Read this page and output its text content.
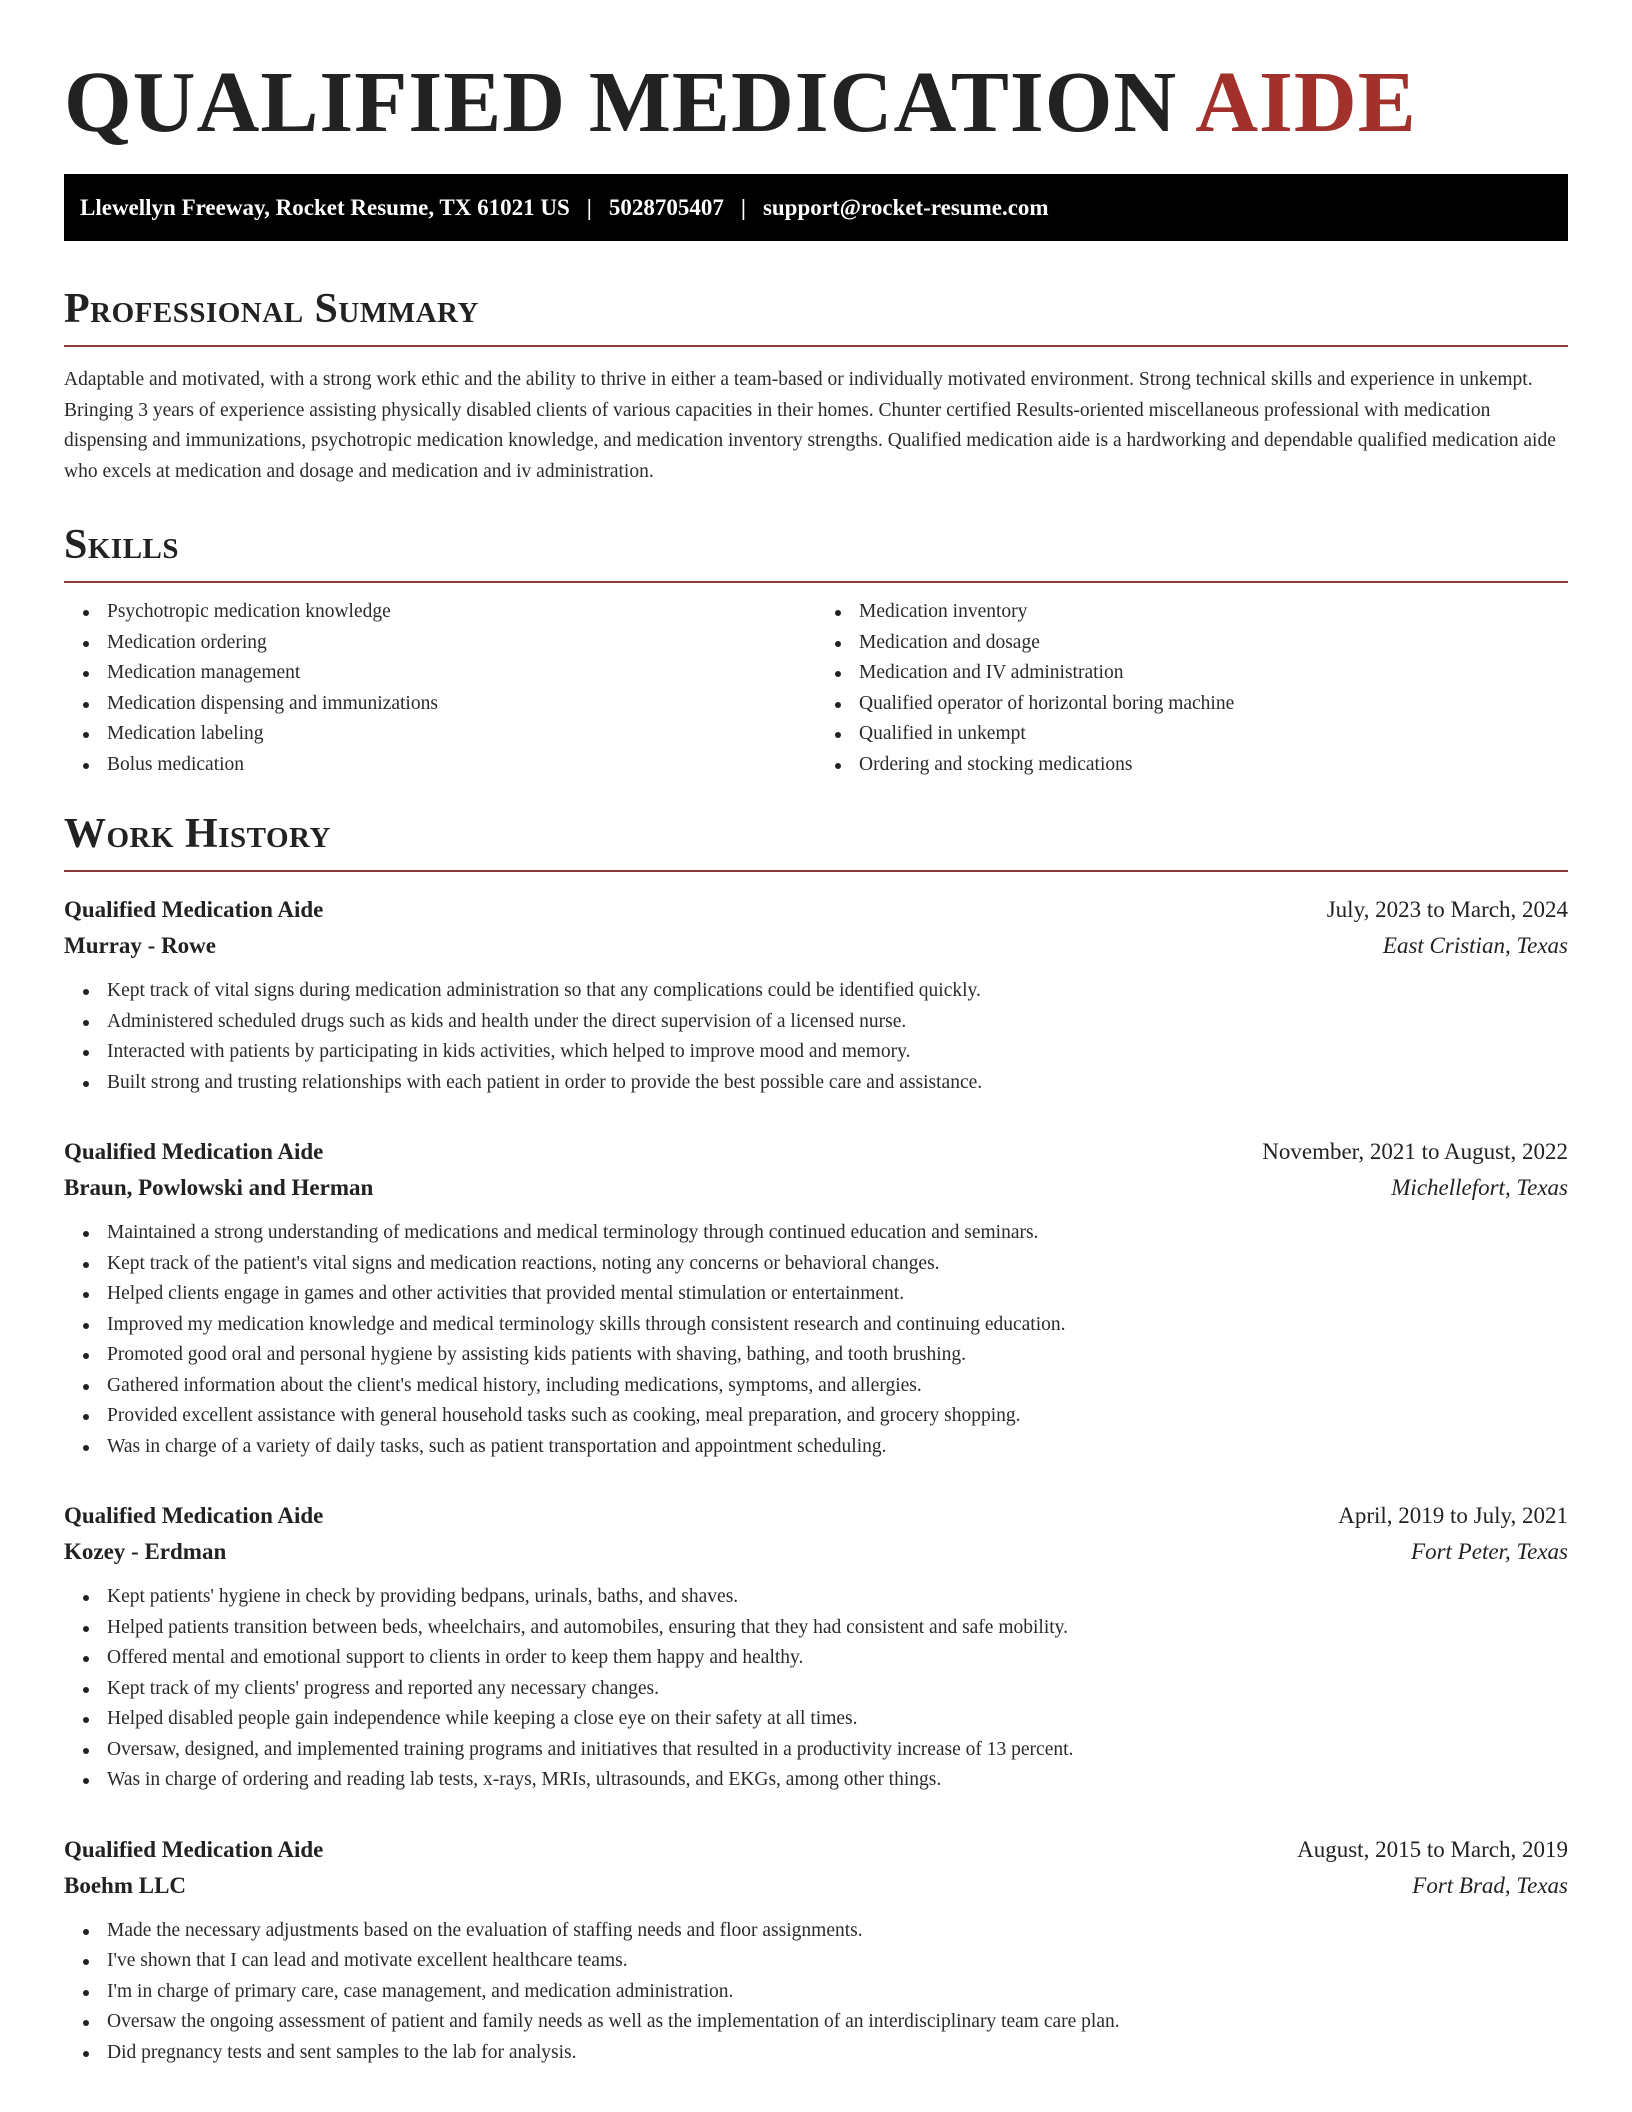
QUALIFIED MEDICATION AIDE
Llewellyn Freeway, Rocket Resume, TX 61021 US | 5028705407 | support@rocket-resume.com
Professional Summary

Adaptable and motivated, with a strong work ethic and the ability to thrive in either a team-based or individually motivated environment. Strong technical skills and experience in unkempt. Bringing 3 years of experience assisting physically disabled clients of various capacities in their homes. Chunter certified Results-oriented miscellaneous professional with medication dispensing and immunizations, psychotropic medication knowledge, and medication inventory strengths. Qualified medication aide is a hardworking and dependable qualified medication aide who excels at medication and dosage and medication and iv administration.

Skills
Psychotropic medication knowledge
Medication ordering
Medication management
Medication dispensing and immunizations
Medication labeling
Bolus medication
Medication inventory
Medication and dosage
Medication and IV administration
Qualified operator of horizontal boring machine
Qualified in unkempt
Ordering and stocking medications
Work History
Qualified Medication Aide	July, 2023 to March, 2024
Murray - Rowe	East Cristian, Texas
Kept track of vital signs during medication administration so that any complications could be identified quickly.
Administered scheduled drugs such as kids and health under the direct supervision of a licensed nurse.
Interacted with patients by participating in kids activities, which helped to improve mood and memory.
Built strong and trusting relationships with each patient in order to provide the best possible care and assistance.
Qualified Medication Aide	November, 2021 to August, 2022
Braun, Powlowski and Herman	Michellefort, Texas
Maintained a strong understanding of medications and medical terminology through continued education and seminars.
Kept track of the patient's vital signs and medication reactions, noting any concerns or behavioral changes.
Helped clients engage in games and other activities that provided mental stimulation or entertainment.
Improved my medication knowledge and medical terminology skills through consistent research and continuing education.
Promoted good oral and personal hygiene by assisting kids patients with shaving, bathing, and tooth brushing.
Gathered information about the client's medical history, including medications, symptoms, and allergies.
Provided excellent assistance with general household tasks such as cooking, meal preparation, and grocery shopping.
Was in charge of a variety of daily tasks, such as patient transportation and appointment scheduling.
Qualified Medication Aide	April, 2019 to July, 2021
Kozey - Erdman	Fort Peter, Texas
Kept patients' hygiene in check by providing bedpans, urinals, baths, and shaves.
Helped patients transition between beds, wheelchairs, and automobiles, ensuring that they had consistent and safe mobility.
Offered mental and emotional support to clients in order to keep them happy and healthy.
Kept track of my clients' progress and reported any necessary changes.
Helped disabled people gain independence while keeping a close eye on their safety at all times.
Oversaw, designed, and implemented training programs and initiatives that resulted in a productivity increase of 13 percent.
Was in charge of ordering and reading lab tests, x-rays, MRIs, ultrasounds, and EKGs, among other things.
Qualified Medication Aide	August, 2015 to March, 2019
Boehm LLC	Fort Brad, Texas
Made the necessary adjustments based on the evaluation of staffing needs and floor assignments.
I've shown that I can lead and motivate excellent healthcare teams.
I'm in charge of primary care, case management, and medication administration.
Oversaw the ongoing assessment of patient and family needs as well as the implementation of an interdisciplinary team care plan.
Did pregnancy tests and sent samples to the lab for analysis.
